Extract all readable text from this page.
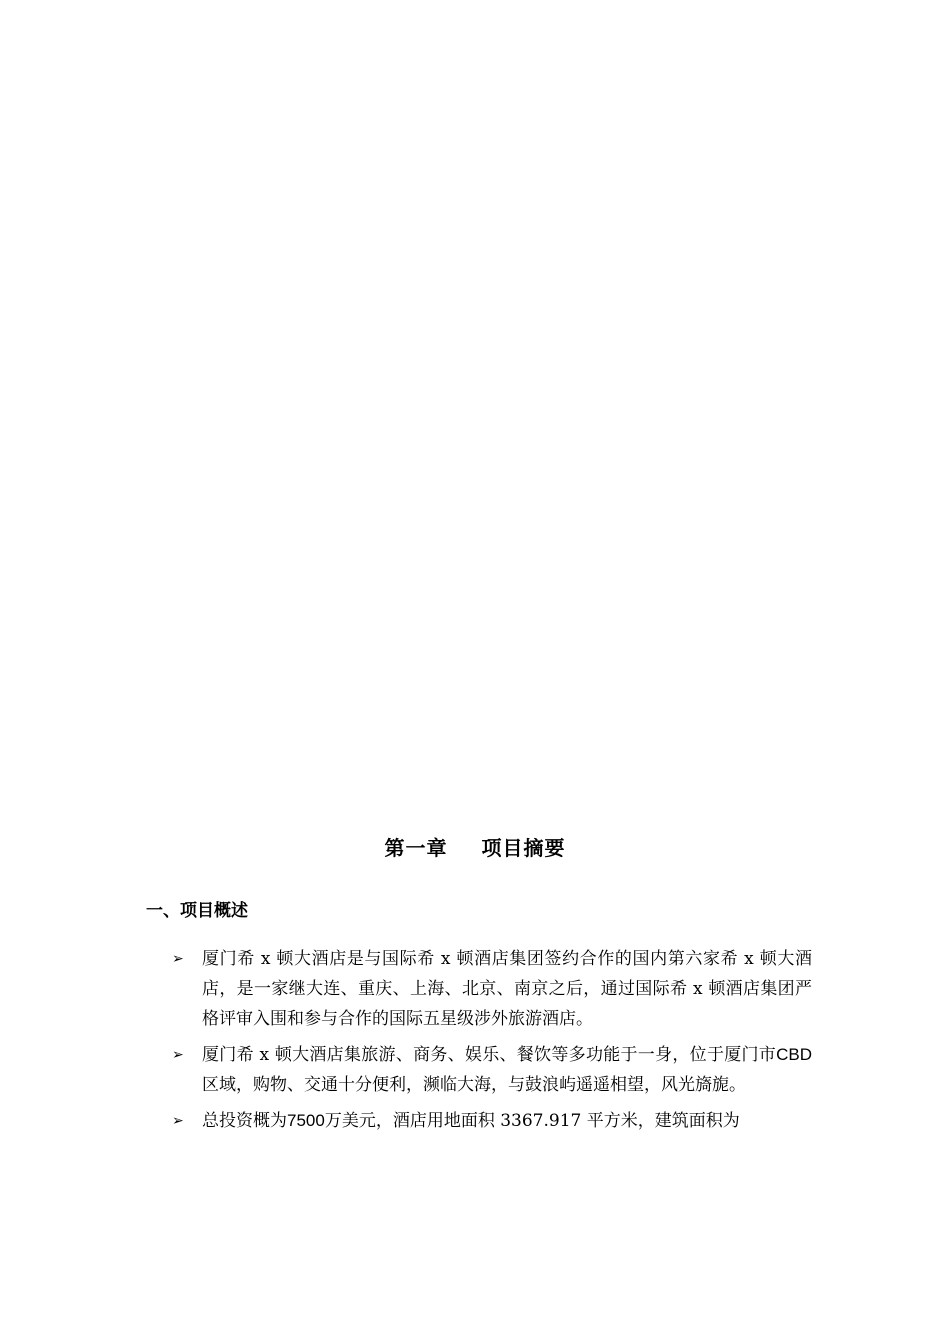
第一章 项目摘要
一、项目概述
➢	厦门希 x 顿大酒店是与国际希 x 顿酒店集团签约合作的国内第六家希 x 顿大酒店，是一家继大连、重庆、上海、北京、南京之后，通过国际希 x 顿酒店集团严格评审入围和参与合作的国际五星级涉外旅游酒店。
➢	厦门希 x 顿大酒店集旅游、商务、娱乐、餐饮等多功能于一身，位于厦门市CBD区域，购物、交通十分便利，濒临大海，与鼓浪屿遥遥相望，风光旖旎。
➢	总投资概为7500万美元，酒店用地面积 3367.917 平方米，建筑面积为
